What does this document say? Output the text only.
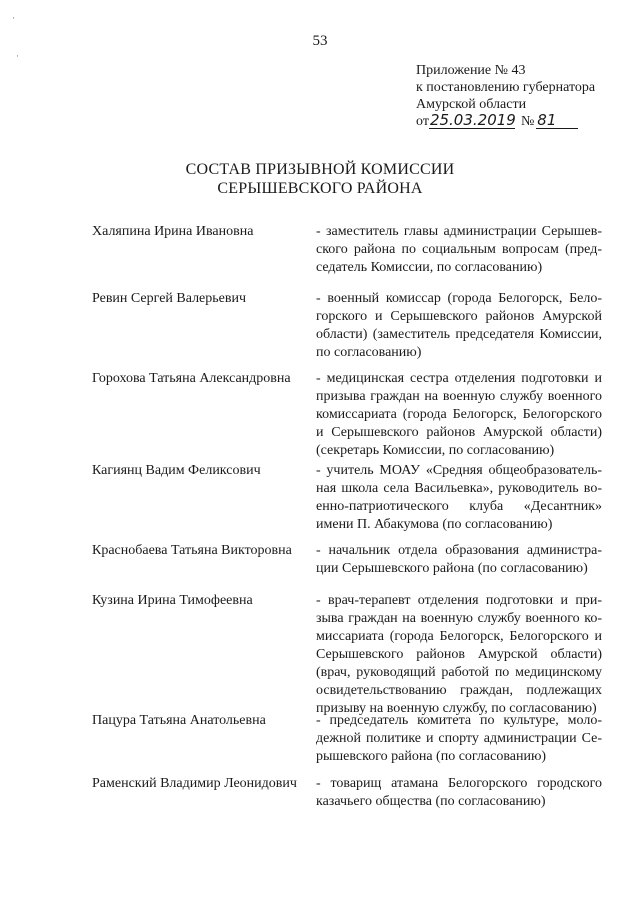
53
Приложение № 43
к постановлению губернатора
Амурской области
от25.03.2019 № 81
СОСТАВ ПРИЗЫВНОЙ КОМИССИИ
СЕРЫШЕВСКОГО РАЙОНА
Халяпина Ирина Ивановна	- заместитель главы администрации Серышевского района по социальным вопросам (председатель Комиссии, по согласованию)
Ревин Сергей Валерьевич	- военный комиссар (города Белогорск, Белогорского и Серышевского районов Амурской области) (заместитель председателя Комиссии, по согласованию)
Горохова Татьяна Александровна	- медицинская сестра отделения подготовки и призыва граждан на военную службу военного комиссариата (города Белогорск, Белогорского и Серышевского районов Амурской области) (секретарь Комиссии, по согласованию)
Кагиянц Вадим Феликсович	- учитель МОАУ «Средняя общеобразовательная школа села Васильевка», руководитель военно-патриотического клуба «Десантник» имени П. Абакумова (по согласованию)
Краснобаева Татьяна Викторовна	- начальник отдела образования администрации Серышевского района (по согласованию)
Кузина Ирина Тимофеевна	- врач-терапевт отделения подготовки и призыва граждан на военную службу военного комиссариата (города Белогорск, Белогорского и Серышевского районов Амурской области) (врач, руководящий работой по медицинскому освидетельствованию граждан, подлежащих призыву на военную службу, по согласованию)
Пацура Татьяна Анатольевна	- председатель комитета по культуре, молодежной политике и спорту администрации Серышевского района (по согласованию)
Раменский Владимир Леонидович	- товарищ атамана Белогорского городского казачьего общества (по согласованию)
·
·
